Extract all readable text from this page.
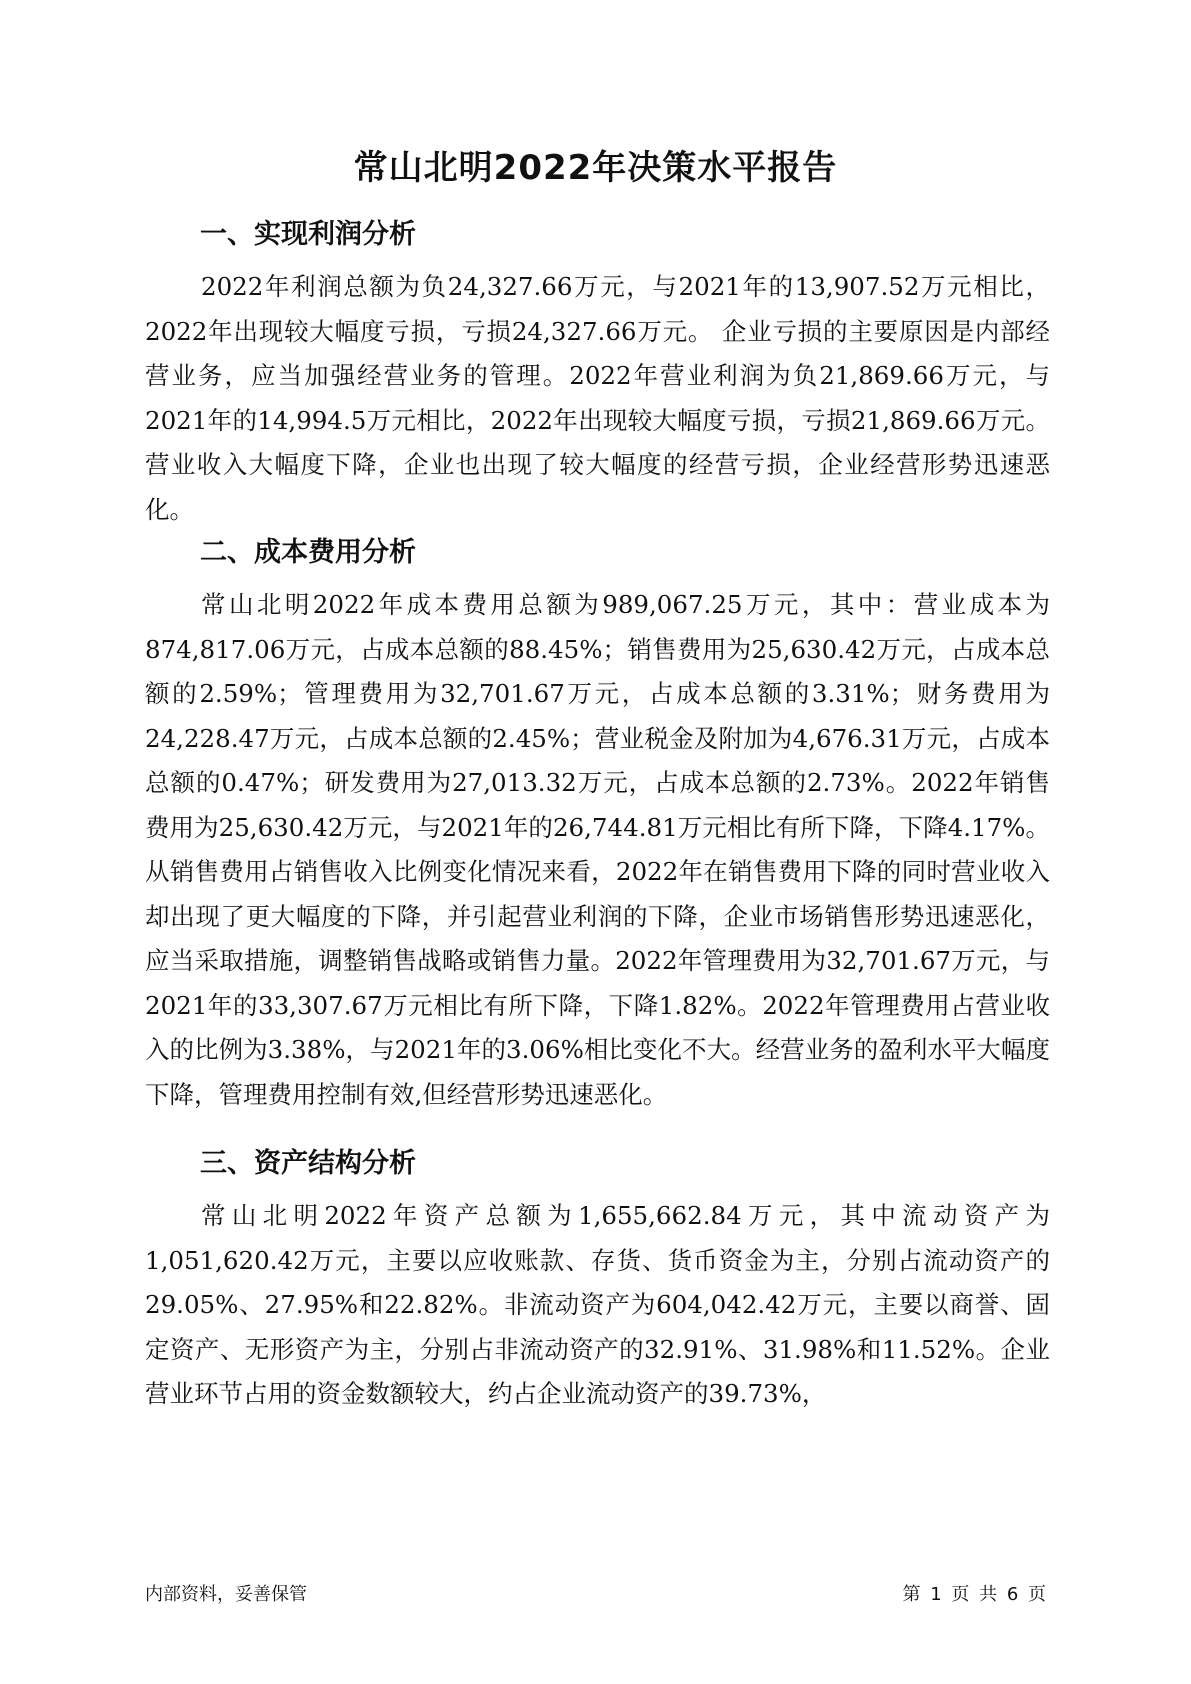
常山北明2022年决策水平报告
一、实现利润分析

2022年利润总额为负24,327.66万元，与2021年的13,907.52万元相比，2022年出现较大幅度亏损，亏损24,327.66万元。 企业亏损的主要原因是内部经营业务，应当加强经营业务的管理。2022年营业利润为负21,869.66万元，与2021年的14,994.5万元相比，2022年出现较大幅度亏损，亏损21,869.66万元。 营业收入大幅度下降，企业也出现了较大幅度的经营亏损，企业经营形势迅速恶化。

二、成本费用分析

常山北明2022年成本费用总额为989,067.25万元，其中：营业成本为874,817.06万元，占成本总额的88.45%；销售费用为25,630.42万元，占成本总额的2.59%；管理费用为32,701.67万元，占成本总额的3.31%；财务费用为24,228.47万元，占成本总额的2.45%；营业税金及附加为4,676.31万元，占成本总额的0.47%；研发费用为27,013.32万元，占成本总额的2.73%。2022年销售费用为25,630.42万元，与2021年的26,744.81万元相比有所下降，下降4.17%。从销售费用占销售收入比例变化情况来看，2022年在销售费用下降的同时营业收入却出现了更大幅度的下降，并引起营业利润的下降，企业市场销售形势迅速恶化，应当采取措施，调整销售战略或销售力量。2022年管理费用为32,701.67万元，与2021年的33,307.67万元相比有所下降，下降1.82%。2022年管理费用占营业收入的比例为3.38%，与2021年的3.06%相比变化不大。经营业务的盈利水平大幅度下降，管理费用控制有效,但经营形势迅速恶化。

三、资产结构分析

常山北明2022年资产总额为1,655,662.84万元，其中流动资产为1,051,620.42万元，主要以应收账款、存货、货币资金为主，分别占流动资产的29.05%、27.95%和22.82%。非流动资产为604,042.42万元，主要以商誉、固定资产、无形资产为主，分别占非流动资产的32.91%、31.98%和11.52%。企业营业环节占用的资金数额较大，约占企业流动资产的39.73%，

内部资料，妥善保管	第 1 页 共 6 页
